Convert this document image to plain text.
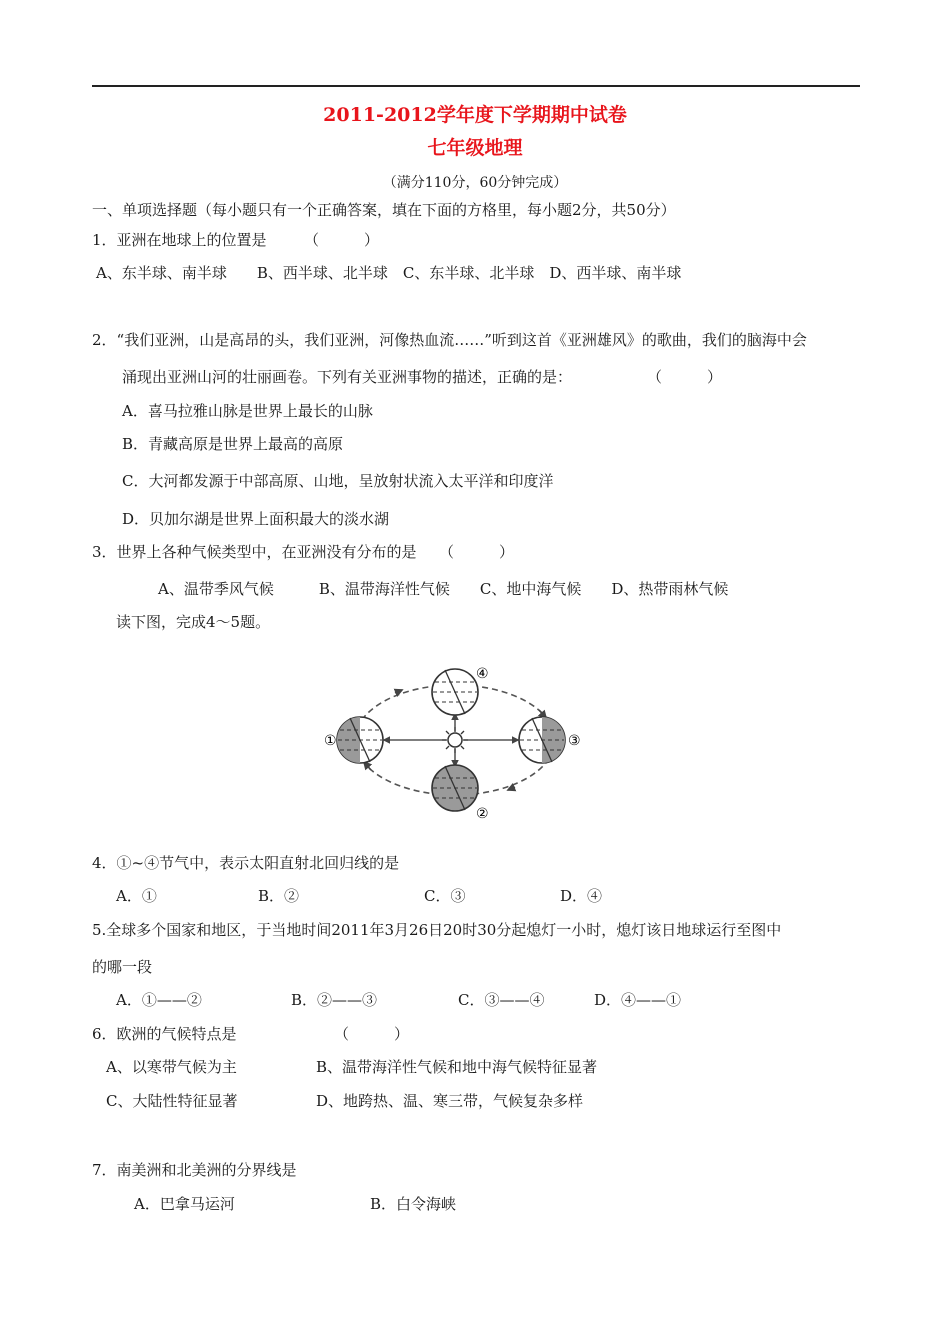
2011-2012学年度下学期期中试卷
七年级地理
（满分110分，60分钟完成）
一、单项选择题（每小题只有一个正确答案，填在下面的方格里，每小题2分，共50分）
1．亚洲在地球上的位置是　　　（　　　）
A、东半球、南半球　　B、西半球、北半球　C、东半球、北半球　D、西半球、南半球
2．“我们亚洲，山是高昂的头，我们亚洲，河像热血流……”听到这首《亚洲雄风》的歌曲，我们的脑海中会
涌现出亚洲山河的壮丽画卷。下列有关亚洲事物的描述，正确的是：　　　　　　（　　　）
A．喜马拉雅山脉是世界上最长的山脉
B．青藏高原是世界上最高的高原
C．大河都发源于中部高原、山地，呈放射状流入太平洋和印度洋
D．贝加尔湖是世界上面积最大的淡水湖
3．世界上各种气候类型中，在亚洲没有分布的是　　（　　　）
A、温带季风气候　　　B、温带海洋性气候　　C、地中海气候　　D、热带雨林气候
读下图，完成4～5题。
①	③
④
②
4．①~④节气中，表示太阳直射北回归线的是
A．①	B．②	C．③	D．④
5.全球多个国家和地区，于当地时间2011年3月26日20时30分起熄灯一小时，熄灯该日地球运行至图中
的哪一段
A．①——②	B．②——③	C．③——④	D．④——①
6．欧洲的气候特点是　　　　　　　（　　　）
A、以寒带气候为主	B、温带海洋性气候和地中海气候特征显著
C、大陆性特征显著	D、地跨热、温、寒三带，气候复杂多样
7．南美洲和北美洲的分界线是
A．巴拿马运河	B．白令海峡
